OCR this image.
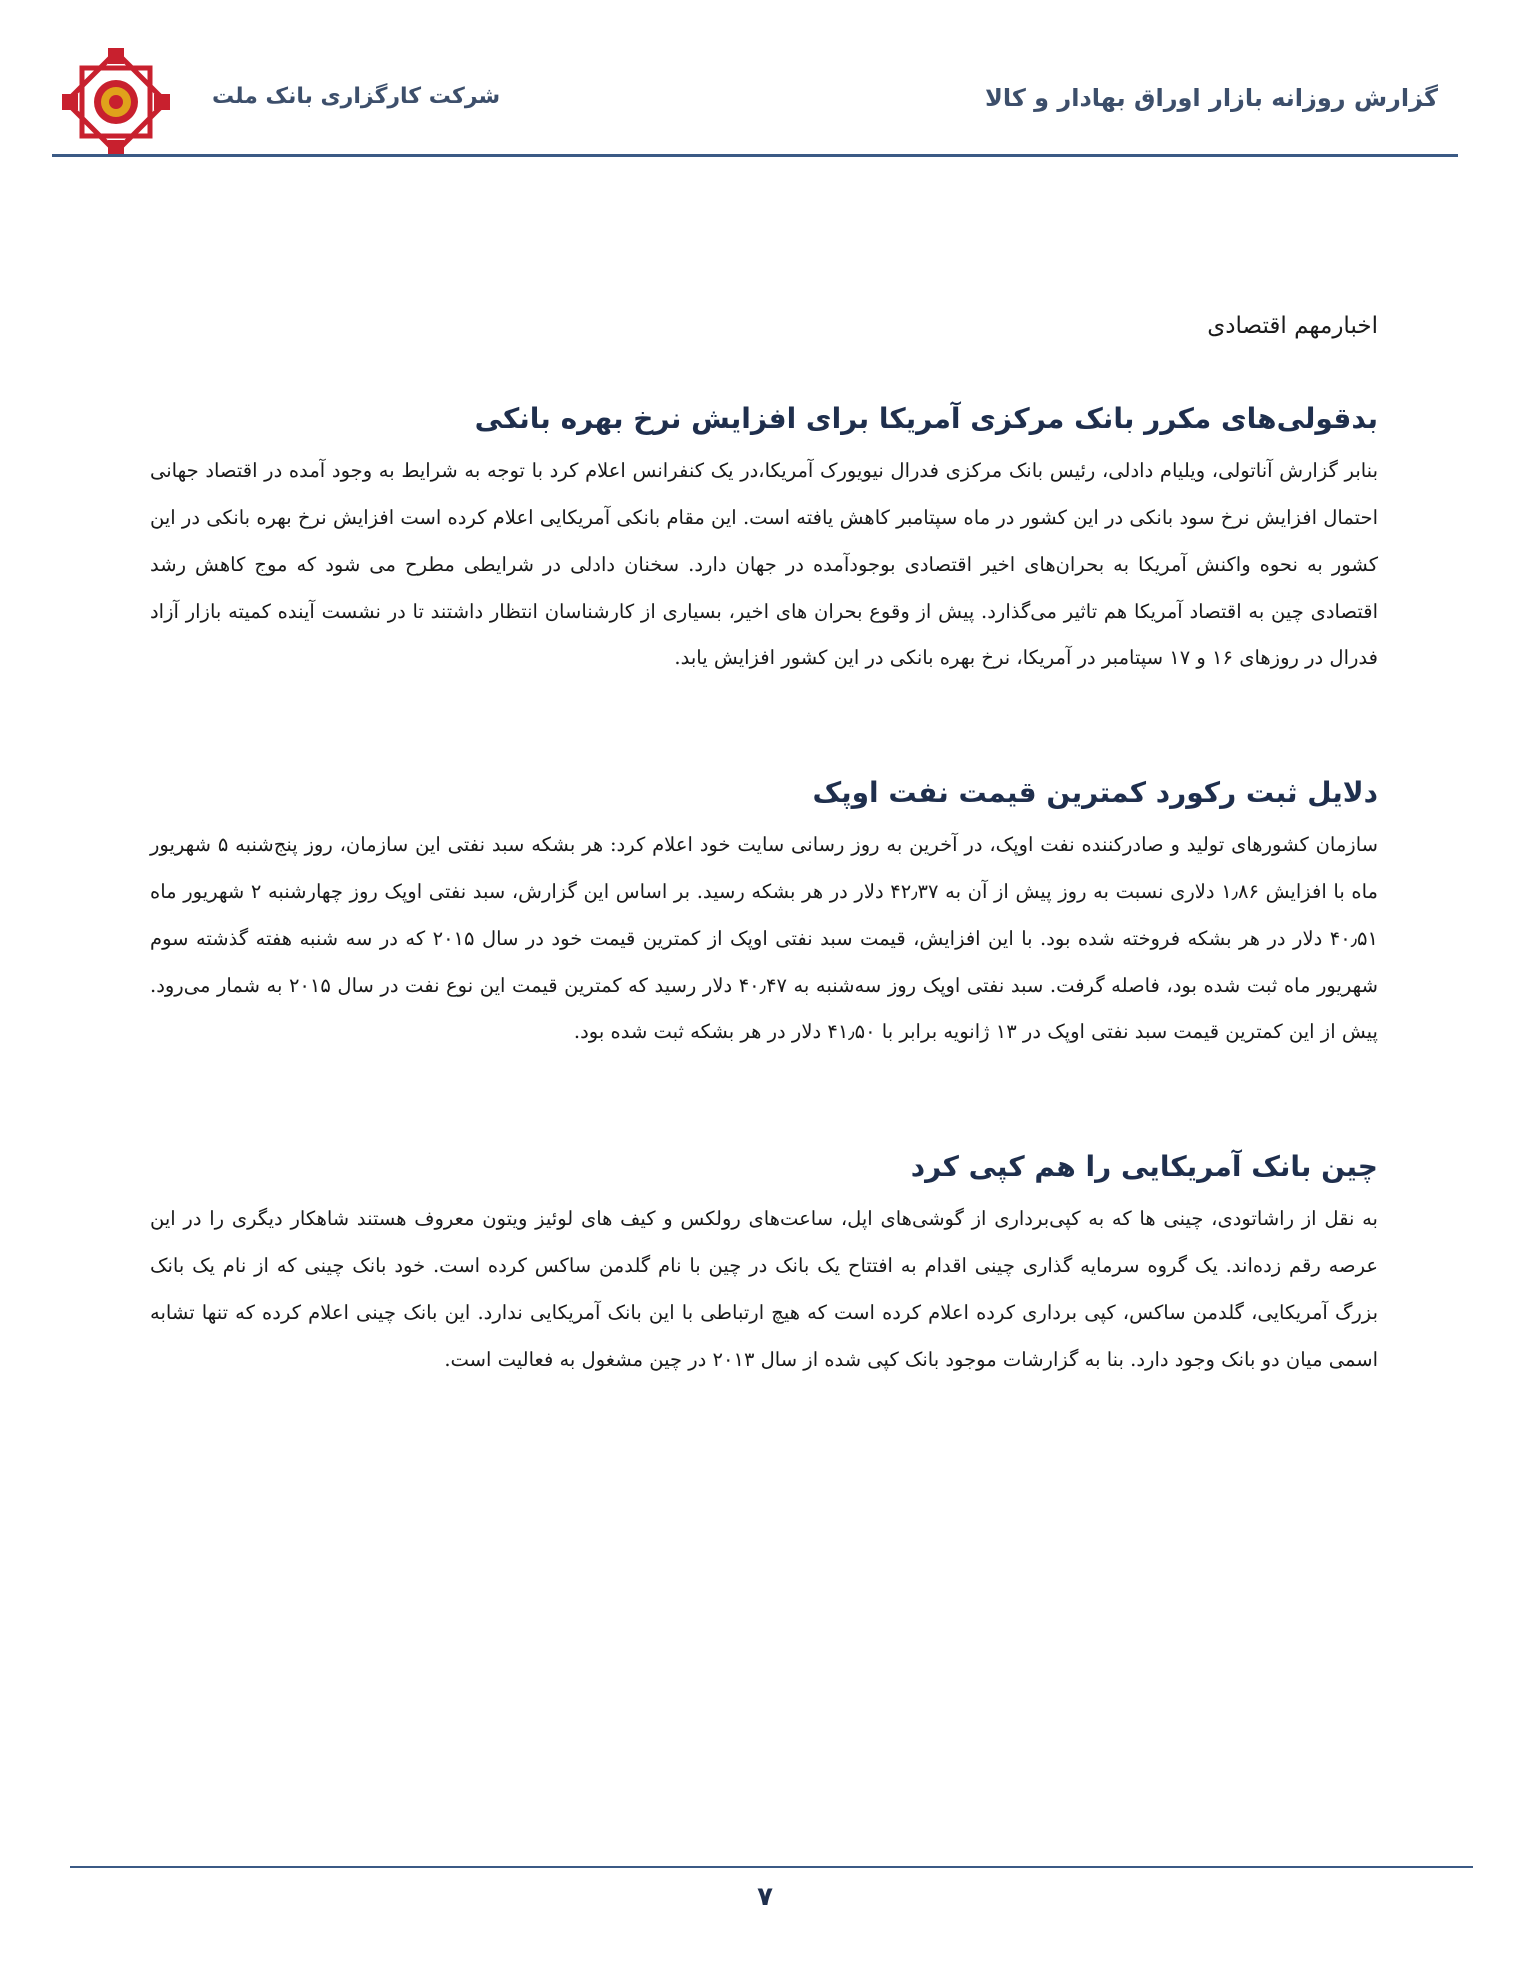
گزارش روزانه بازار اوراق بهادار و کالا
شرکت کارگزاری بانک ملت
اخبارمهم اقتصادی
بدقولی‌های مکرر بانک مرکزی آمریکا برای افزایش نرخ بهره بانکی

بنابر گزارش آناتولی، ویلیام دادلی، رئیس بانک مرکزی فدرال نیویورک آمریکا،در یک کنفرانس اعلام کرد با توجه به شرایط به وجود آمده در اقتصاد جهانی احتمال افزایش نرخ سود بانکی در این کشور در ماه سپتامبر کاهش یافته است. این مقام بانکی آمریکایی اعلام کرده است افزایش نرخ بهره بانکی در این کشور به نحوه واکنش آمریکا به بحران‌های اخیر اقتصادی بوجودآمده در جهان دارد. سخنان دادلی در شرایطی مطرح می شود که موج کاهش رشد اقتصادی چین به اقتصاد آمریکا هم تاثیر می‌گذارد. پیش از وقوع بحران های اخیر، بسیاری از کارشناسان انتظار داشتند تا در نشست آینده کمیته بازار آزاد فدرال در روزهای ۱۶ و ۱۷ سپتامبر در آمریکا، نرخ بهره بانکی در این کشور افزایش یابد.

دلایل ثبت رکورد کمترین قیمت نفت اوپک

سازمان کشورهای تولید و صادرکننده نفت اوپک، در آخرین به روز رسانی سایت خود اعلام کرد: هر بشکه سبد نفتی این سازمان، روز پنج‌شنبه ۵ شهریور ماه با افزایش ۱٫۸۶ دلاری نسبت به روز پیش از آن به ۴۲٫۳۷ دلار در هر بشکه رسید. بر اساس این گزارش، سبد نفتی اوپک روز چهارشنبه ۲ شهریور ماه ۴۰٫۵۱ دلار در هر بشکه فروخته شده بود. با این افزایش، قیمت سبد نفتی اوپک از کمترین قیمت خود در سال ۲۰۱۵ که در سه شنبه هفته گذشته سوم شهریور ماه ثبت شده بود، فاصله گرفت. سبد نفتی اوپک روز سه‌شنبه به ۴۰٫۴۷ دلار رسید که کمترین قیمت این نوع نفت در سال ۲۰۱۵ به شمار می‌رود. پیش از این کمترین قیمت سبد نفتی اوپک در ۱۳ ژانویه برابر با ۴۱٫۵۰ دلار در هر بشکه ثبت شده بود.

چین بانک آمریکایی را هم کپی کرد

به نقل از راشاتودی، چینی ها که به کپی‌برداری از گوشی‌های اپل، ساعت‌های رولکس و کیف های لوئیز ویتون معروف هستند شاهکار دیگری را در این عرصه رقم زده‌اند. یک گروه سرمایه گذاری چینی اقدام به افتتاح یک بانک در چین با نام گلدمن ساکس کرده است. خود بانک چینی که از نام یک بانک بزرگ آمریکایی، گلدمن ساکس، کپی برداری کرده اعلام کرده است که هیچ ارتباطی با این بانک آمریکایی ندارد. این بانک چینی اعلام کرده که تنها تشابه اسمی میان دو بانک وجود دارد. بنا به گزارشات موجود بانک کپی شده از سال ۲۰۱۳ در چین مشغول به فعالیت است.

۷
